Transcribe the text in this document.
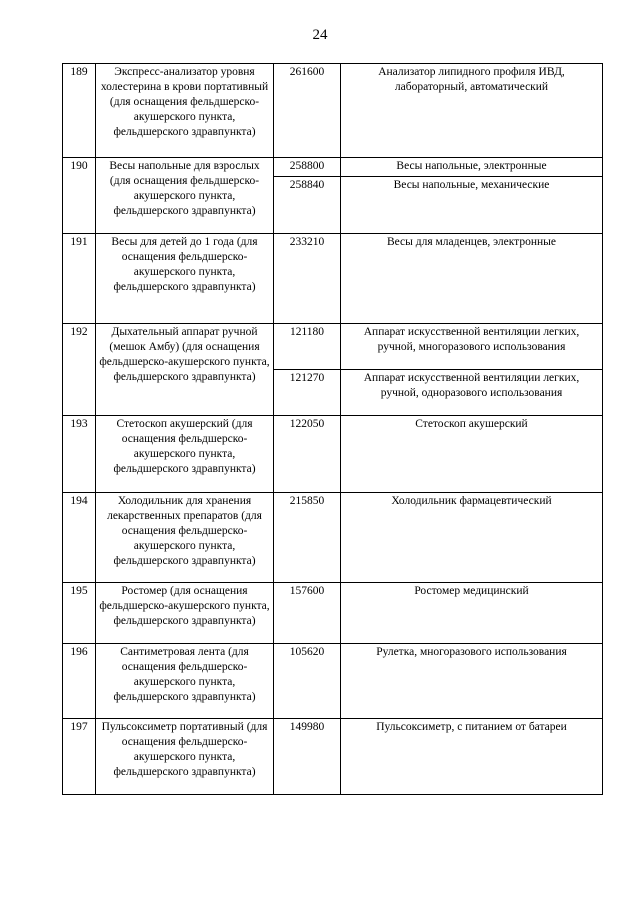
24
189	Экспресс-анализатор уровня холестерина в крови портативный (для оснащения фельдшерско-акушерского пункта, фельдшерского здравпункта)	261600	Анализатор липидного профиля ИВД, лабораторный, автоматический
190	Весы напольные для взрослых (для оснащения фельдшерско-акушерского пункта, фельдшерского здравпункта)	258800	Весы напольные, электронные
		258840	Весы напольные, механические
191	Весы для детей до 1 года (для оснащения фельдшерско-акушерского пункта, фельдшерского здравпункта)	233210	Весы для младенцев, электронные
192	Дыхательный аппарат ручной (мешок Амбу) (для оснащения фельдшерско-акушерского пункта, фельдшерского здравпункта)	121180	Аппарат искусственной вентиляции легких, ручной, многоразового использования
		121270	Аппарат искусственной вентиляции легких, ручной, одноразового использования
193	Стетоскоп акушерский (для оснащения фельдшерско-акушерского пункта, фельдшерского здравпункта)	122050	Стетоскоп акушерский
194	Холодильник для хранения лекарственных препаратов (для оснащения фельдшерско-акушерского пункта, фельдшерского здравпункта)	215850	Холодильник фармацевтический
195	Ростомер (для оснащения фельдшерско-акушерского пункта, фельдшерского здравпункта)	157600	Ростомер медицинский
196	Сантиметровая лента (для оснащения фельдшерско-акушерского пункта, фельдшерского здравпункта)	105620	Рулетка, многоразового использования
197	Пульсоксиметр портативный (для оснащения фельдшерско-акушерского пункта, фельдшерского здравпункта)	149980	Пульсоксиметр, с питанием от батареи
